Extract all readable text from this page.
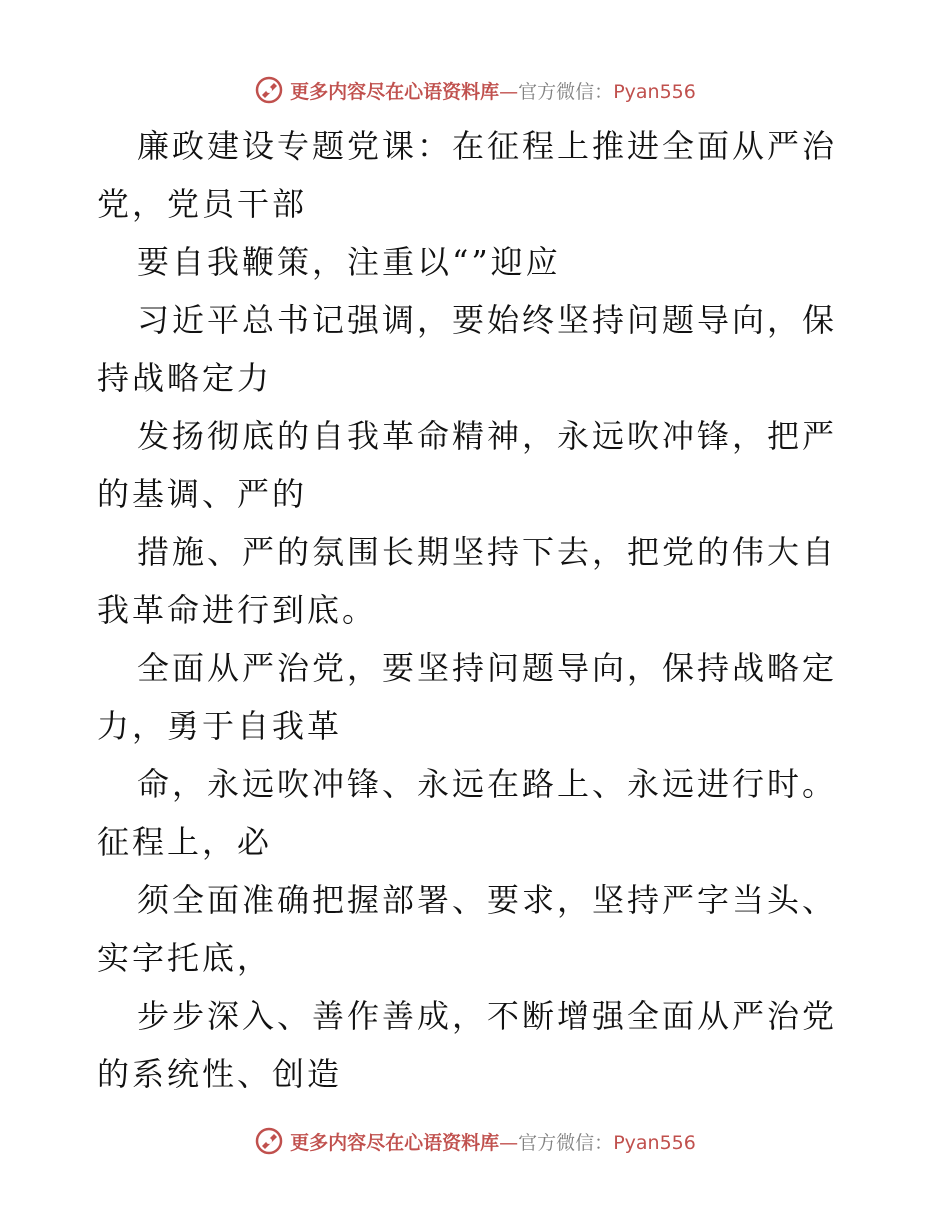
更多内容尽在心语资料库—官方微信：Pyan556

廉政建设专题党课：在征程上推进全面从严治党，党员干部

要自我鞭策，注重以“”迎应

习近平总书记强调，要始终坚持问题导向，保持战略定力

发扬彻底的自我革命精神，永远吹冲锋，把严的基调、严的

措施、严的氛围长期坚持下去，把党的伟大自我革命进行到底。

全面从严治党，要坚持问题导向，保持战略定力，勇于自我革

命，永远吹冲锋、永远在路上、永远进行时。征程上，必

须全面准确把握部署、要求，坚持严字当头、实字托底，

步步深入、善作善成，不断增强全面从严治党的系统性、创造

更多内容尽在心语资料库—官方微信：Pyan556
